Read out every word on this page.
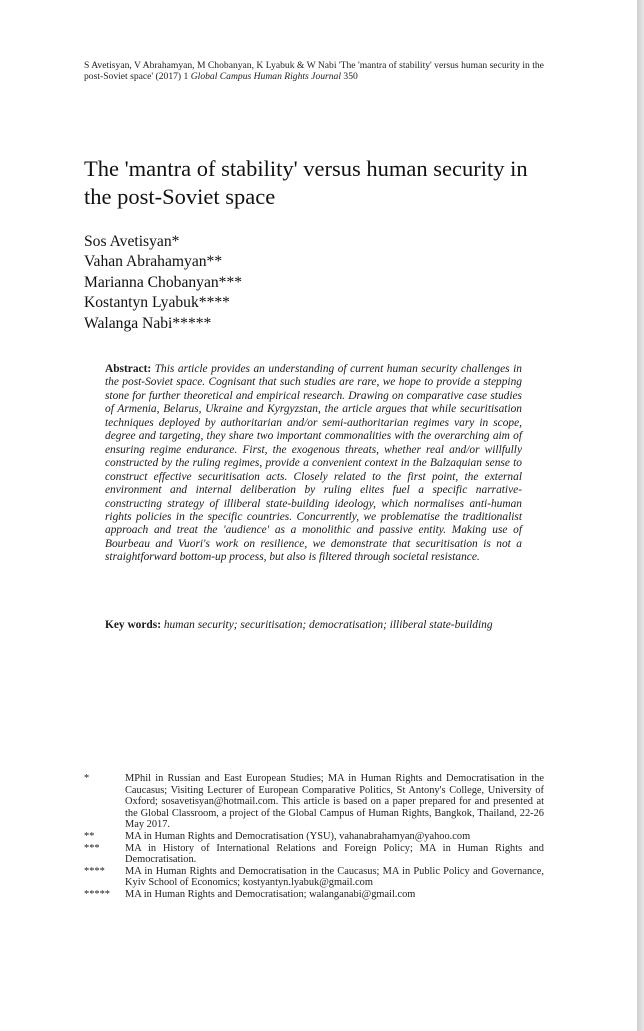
S Avetisyan, V Abrahamyan, M Chobanyan, K Lyabuk & W Nabi 'The 'mantra of stability' versus human security in the post-Soviet space' (2017) 1 Global Campus Human Rights Journal 350
The 'mantra of stability' versus human security in the post-Soviet space
Sos Avetisyan*
Vahan Abrahamyan**
Marianna Chobanyan***
Kostantyn Lyabuk****
Walanga Nabi*****
Abstract: This article provides an understanding of current human security challenges in the post-Soviet space. Cognisant that such studies are rare, we hope to provide a stepping stone for further theoretical and empirical research. Drawing on comparative case studies of Armenia, Belarus, Ukraine and Kyrgyzstan, the article argues that while securitisation techniques deployed by authoritarian and/or semi-authoritarian regimes vary in scope, degree and targeting, they share two important commonalities with the overarching aim of ensuring regime endurance. First, the exogenous threats, whether real and/or willfully constructed by the ruling regimes, provide a convenient context in the Balzaquian sense to construct effective securitisation acts. Closely related to the first point, the external environment and internal deliberation by ruling elites fuel a specific narrative-constructing strategy of illiberal state-building ideology, which normalises anti-human rights policies in the specific countries. Concurrently, we problematise the traditionalist approach and treat the 'audience' as a monolithic and passive entity. Making use of Bourbeau and Vuori's work on resilience, we demonstrate that securitisation is not a straightforward bottom-up process, but also is filtered through societal resistance.
Key words: human security; securitisation; democratisation; illiberal state-building
*	MPhil in Russian and East European Studies; MA in Human Rights and Democratisation in the Caucasus; Visiting Lecturer of European Comparative Politics, St Antony's College, University of Oxford; sosavetisyan@hotmail.com. This article is based on a paper prepared for and presented at the Global Classroom, a project of the Global Campus of Human Rights, Bangkok, Thailand, 22-26 May 2017.
**	MA in Human Rights and Democratisation (YSU), vahanabrahamyan@yahoo.com
***	MA in History of International Relations and Foreign Policy; MA in Human Rights and Democratisation.
****	MA in Human Rights and Democratisation in the Caucasus; MA in Public Policy and Governance, Kyiv School of Economics; kostyantyn.lyabuk@gmail.com
*****	MA in Human Rights and Democratisation; walanganabi@gmail.com
